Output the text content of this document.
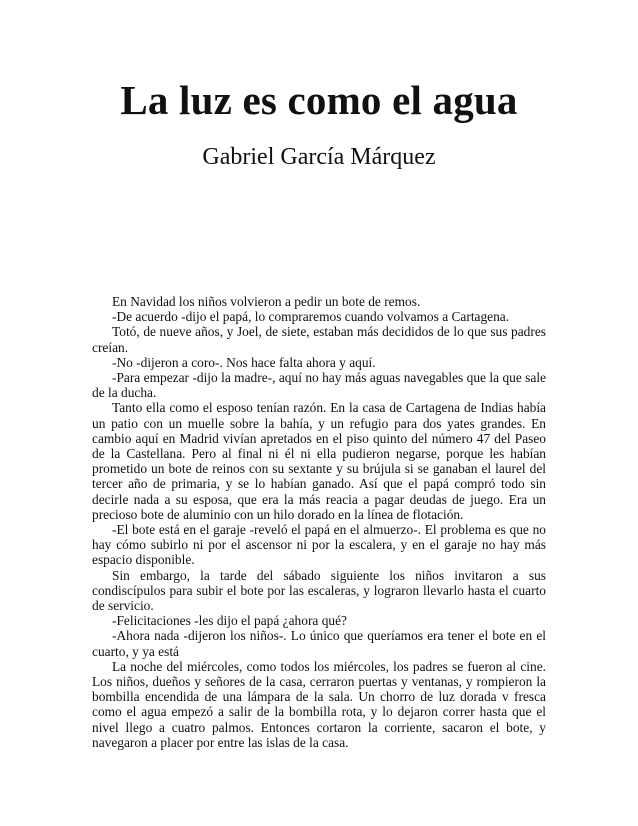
La luz es como el agua
Gabriel García Márquez

En Navidad los niños volvieron a pedir un bote de remos.

-De acuerdo -dijo el papá, lo compraremos cuando volvamos a Cartagena.

Totó, de nueve años, y Joel, de siete, estaban más decididos de lo que sus padres creían.

-No -dijeron a coro-. Nos hace falta ahora y aquí.

-Para empezar -dijo la madre-, aquí no hay más aguas navegables que la que sale de la ducha.

Tanto ella como el esposo tenían razón. En la casa de Cartagena de Indias había un patio con un muelle sobre la bahía, y un refugio para dos yates grandes. En cambio aquí en Madrid vivían apretados en el piso quinto del número 47 del Paseo de la Castellana. Pero al final ni él ni ella pudieron negarse, porque les habían prometido un bote de reinos con su sextante y su brújula si se ganaban el laurel del tercer año de primaria, y se lo habían ganado. Así que el papá compró todo sin decirle nada a su esposa, que era la más reacia a pagar deudas de juego. Era un precioso bote de aluminio con un hilo dorado en la línea de flotación.

-El bote está en el garaje -reveló el papá en el almuerzo-. El problema es que no hay cómo subirlo ni por el ascensor ni por la escalera, y en el garaje no hay más espacio disponible.

Sin embargo, la tarde del sábado siguiente los niños invitaron a sus condiscípulos para subir el bote por las escaleras, y lograron llevarlo hasta el cuarto de servicio.

-Felicitaciones -les dijo el papá ¿ahora qué?

-Ahora nada -dijeron los niños-. Lo único que queríamos era tener el bote en el cuarto, y ya está

La noche del miércoles, como todos los miércoles, los padres se fueron al cine. Los niños, dueños y señores de la casa, cerraron puertas y ventanas, y rompieron la bombilla encendida de una lámpara de la sala. Un chorro de luz dorada v fresca como el agua empezó a salir de la bombilla rota, y lo dejaron correr hasta que el nivel llego a cuatro palmos. Entonces cortaron la corriente, sacaron el bote, y navegaron a placer por entre las islas de la casa.
